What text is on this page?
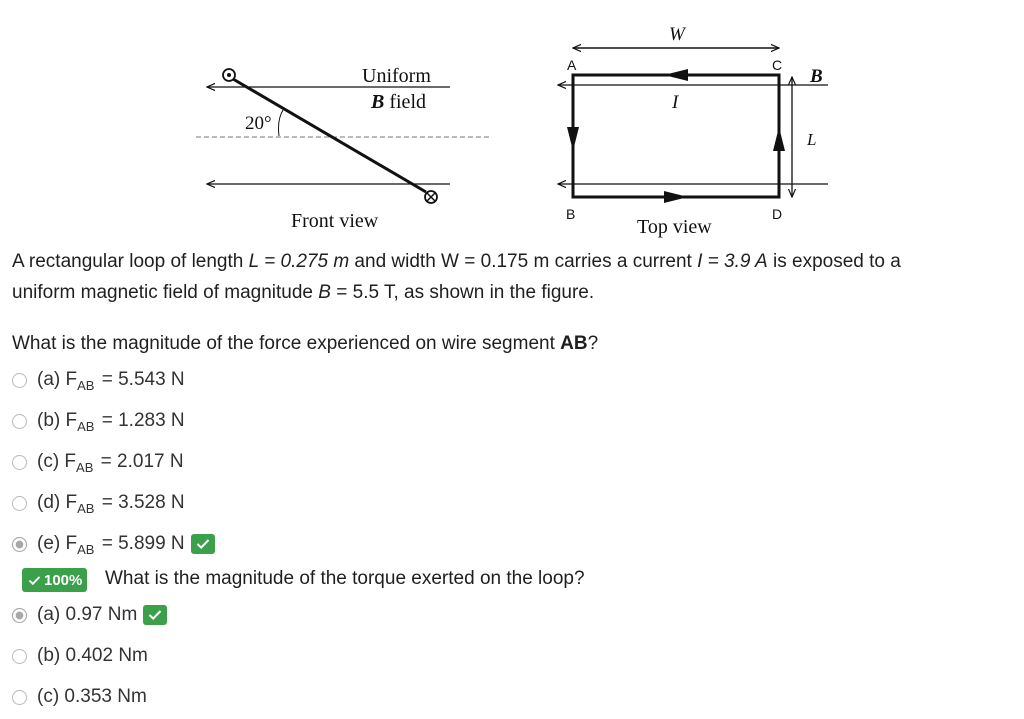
Uniform
B field
20°
Front view
W
I
L
B
A
B
C
D
Top view
A rectangular loop of length L = 0.275 m and width W = 0.175 m carries a current I = 3.9 A is exposed to a
uniform magnetic field of magnitude B = 5.5 T, as shown in the figure.
What is the magnitude of the force experienced on wire segment AB?
(a) $F_{AB} = 5.543$ N
(b) $F_{AB} = 1.283$ N
(c) $F_{AB} = 2.017$ N
(d) $F_{AB} = 3.528$ N
(e) $F_{AB} = 5.899$ N
100% What is the magnitude of the torque exerted on the loop?
(a) 0.97 Nm
(b) 0.402 Nm
(c) 0.353 Nm
